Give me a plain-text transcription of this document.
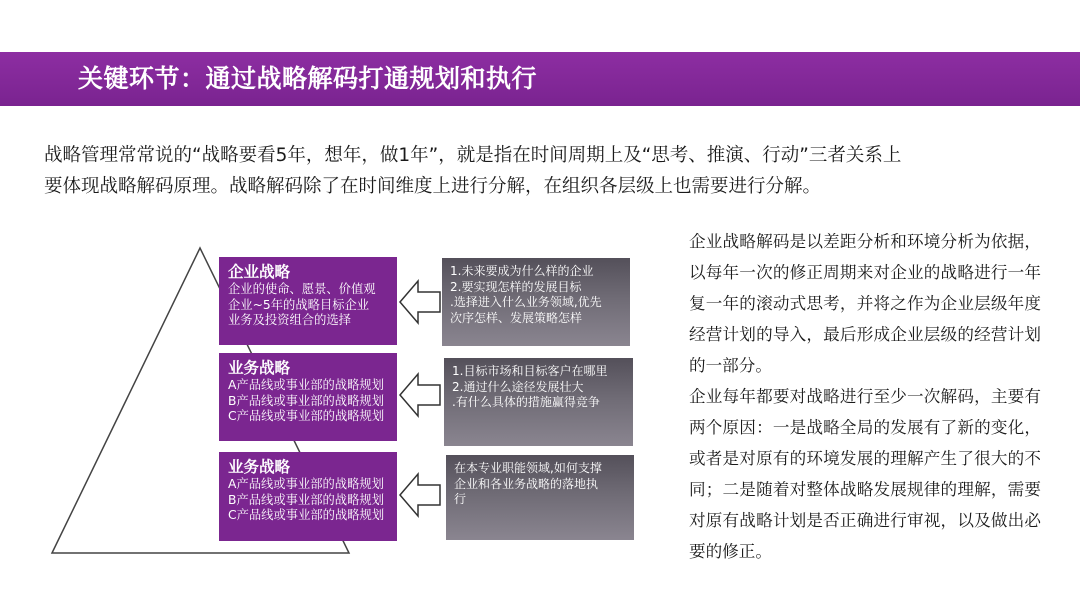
关键环节：通过战略解码打通规划和执行

战略管理常常说的“战略要看5年，想年，做1年”，就是指在时间周期上及“思考、推演、行动”三者关系上

要体现战略解码原理。战略解码除了在时间维度上进行分解，在组织各层级上也需要进行分解。

企业战略
企业的使命、愿景、价值观
企业~5年的战略目标企业
业务及投资组合的选择
1.未来要成为什么样的企业
2.要实现怎样的发展目标
.选择进入什么业务领域,优先
次序怎样、发展策略怎样
业务战略
A产品线或事业部的战略规划
B产品线或事业部的战略规划
C产品线或事业部的战略规划
1.目标市场和目标客户在哪里
2.通过什么途径发展壮大
.有什么具体的措施赢得竞争
业务战略
A产品线或事业部的战略规划
B产品线或事业部的战略规划
C产品线或事业部的战略规划
在本专业职能领域,如何支撑
企业和各业务战略的落地执
行

企业战略解码是以差距分析和环境分析为依据，以每年一次的修正周期来对企业的战略进行一年复一年的滚动式思考，并将之作为企业层级年度经营计划的导入，最后形成企业层级的经营计划的一部分。

企业每年都要对战略进行至少一次解码，主要有两个原因：一是战略全局的发展有了新的变化，或者是对原有的环境发展的理解产生了很大的不同；二是随着对整体战略发展规律的理解，需要对原有战略计划是否正确进行审视，以及做出必要的修正。
